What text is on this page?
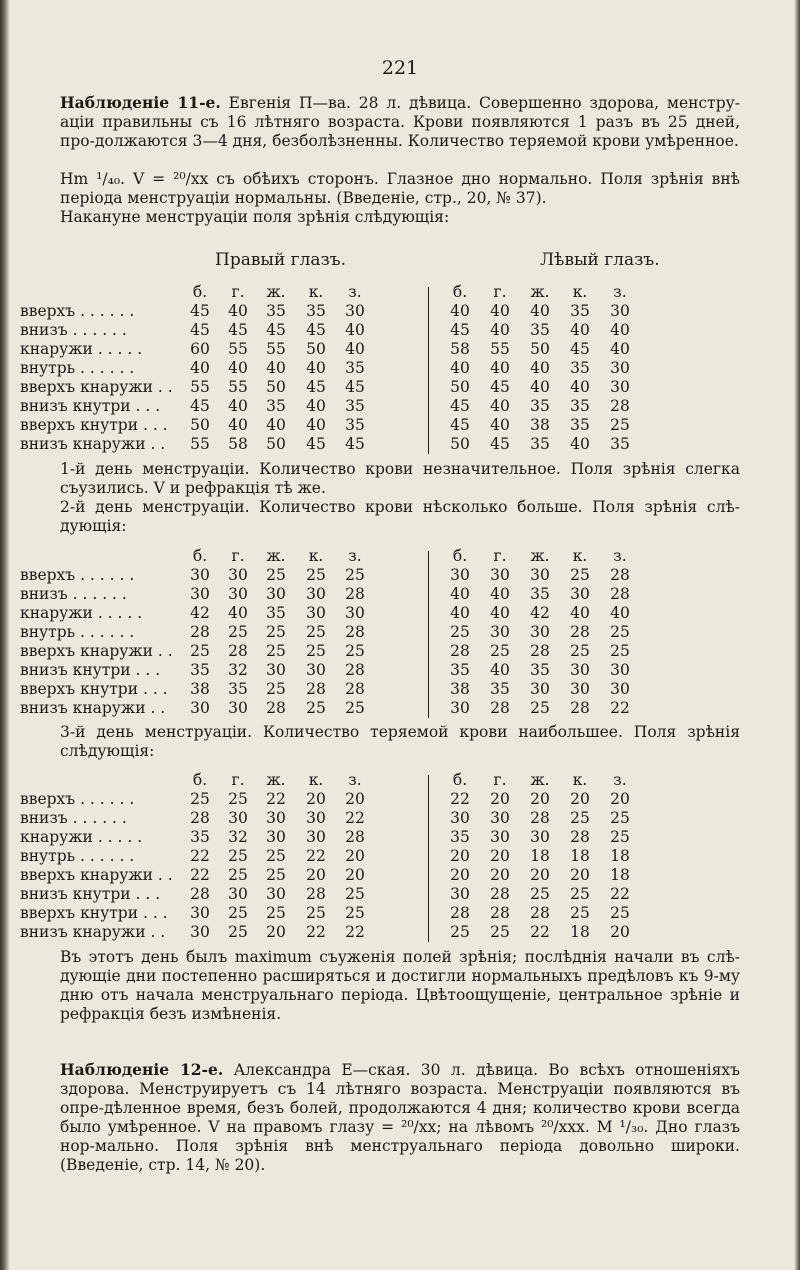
221
Наблюденіе 11-е. Евгенія П—ва. 28 л. дѣвица. Совершенно здорова, менстру-аціи правильны съ 16 лѣтняго возраста. Крови появляются 1 разъ въ 25 дней, про-должаются 3—4 дня, безболѣзненны. Количество теряемой крови умѣренное.
Hm ¹/₄₀. V = ²⁰/xx съ обѣихъ сторонъ. Глазное дно нормально. Поля зрѣнія внѣ періода менструаціи нормальны. (Введеніе, стр., 20, № 37).
Накануне менструаціи поля зрѣнія слѣдующія:
Правый глазъ.	Лѣвый глазъ.
б.	г.	ж.	к.	з.	б.	г.	ж.	к.	з.
вверхъ . . . . . .	45	40	35	35	30	40	40	40	35	30
внизъ . . . . . .	45	45	45	45	40	45	40	35	40	40
кнаружи . . . . .	60	55	55	50	40	58	55	50	45	40
внутрь . . . . . .	40	40	40	40	35	40	40	40	35	30
вверхъ кнаружи . .	55	55	50	45	45	50	45	40	40	30
внизъ кнутри . . .	45	40	35	40	35	45	40	35	35	28
вверхъ кнутри . . .	50	40	40	40	35	45	40	38	35	25
внизъ кнаружи . .	55	58	50	45	45	50	45	35	40	35
1-й день менструаціи. Количество крови незначительное. Поля зрѣнія слегка съузились. V и рефракція тѣ же.
2-й день менструаціи. Количество крови нѣсколько больше. Поля зрѣнія слѣ-дующія:
б.	г.	ж.	к.	з.	б.	г.	ж.	к.	з.
вверхъ . . . . . .	30	30	25	25	25	30	30	30	25	28
внизъ . . . . . .	30	30	30	30	28	40	40	35	30	28
кнаружи . . . . .	42	40	35	30	30	40	40	42	40	40
внутрь . . . . . .	28	25	25	25	28	25	30	30	28	25
вверхъ кнаружи . .	25	28	25	25	25	28	25	28	25	25
внизъ кнутри . . .	35	32	30	30	28	35	40	35	30	30
вверхъ кнутри . . .	38	35	25	28	28	38	35	30	30	30
внизъ кнаружи . .	30	30	28	25	25	30	28	25	28	22
3-й день менструаціи. Количество теряемой крови наибольшее. Поля зрѣнія слѣдующія:
б.	г.	ж.	к.	з.	б.	г.	ж.	к.	з.
вверхъ . . . . . .	25	25	22	20	20	22	20	20	20	20
внизъ . . . . . .	28	30	30	30	22	30	30	28	25	25
кнаружи . . . . .	35	32	30	30	28	35	30	30	28	25
внутрь . . . . . .	22	25	25	22	20	20	20	18	18	18
вверхъ кнаружи . .	22	25	25	20	20	20	20	20	20	18
внизъ кнутри . . .	28	30	30	28	25	30	28	25	25	22
вверхъ кнутри . . .	30	25	25	25	25	28	28	28	25	25
внизъ кнаружи . .	30	25	20	22	22	25	25	22	18	20
Въ этотъ день былъ maximum съуженія полей зрѣнія; послѣднія начали въ слѣ-дующіе дни постепенно расширяться и достигли нормальныхъ предѣловъ къ 9-му дню отъ начала менструальнаго періода. Цвѣтоощущеніе, центральное зрѣніе и рефракція безъ измѣненія.
Наблюденіе 12-е. Александра Е—ская. 30 л. дѣвица. Во всѣхъ отношеніяхъ здорова. Менструируетъ съ 14 лѣтняго возраста. Менструаціи появляются въ опре-дѣленное время, безъ болей, продолжаются 4 дня; количество крови всегда было умѣренное. V на правомъ глазу = ²⁰/xx; на лѣвомъ ²⁰/xxx. M ¹/₃₀. Дно глазъ нор-мально. Поля зрѣнія внѣ менструальнаго періода довольно широки. (Введеніе, стр. 14, № 20).
